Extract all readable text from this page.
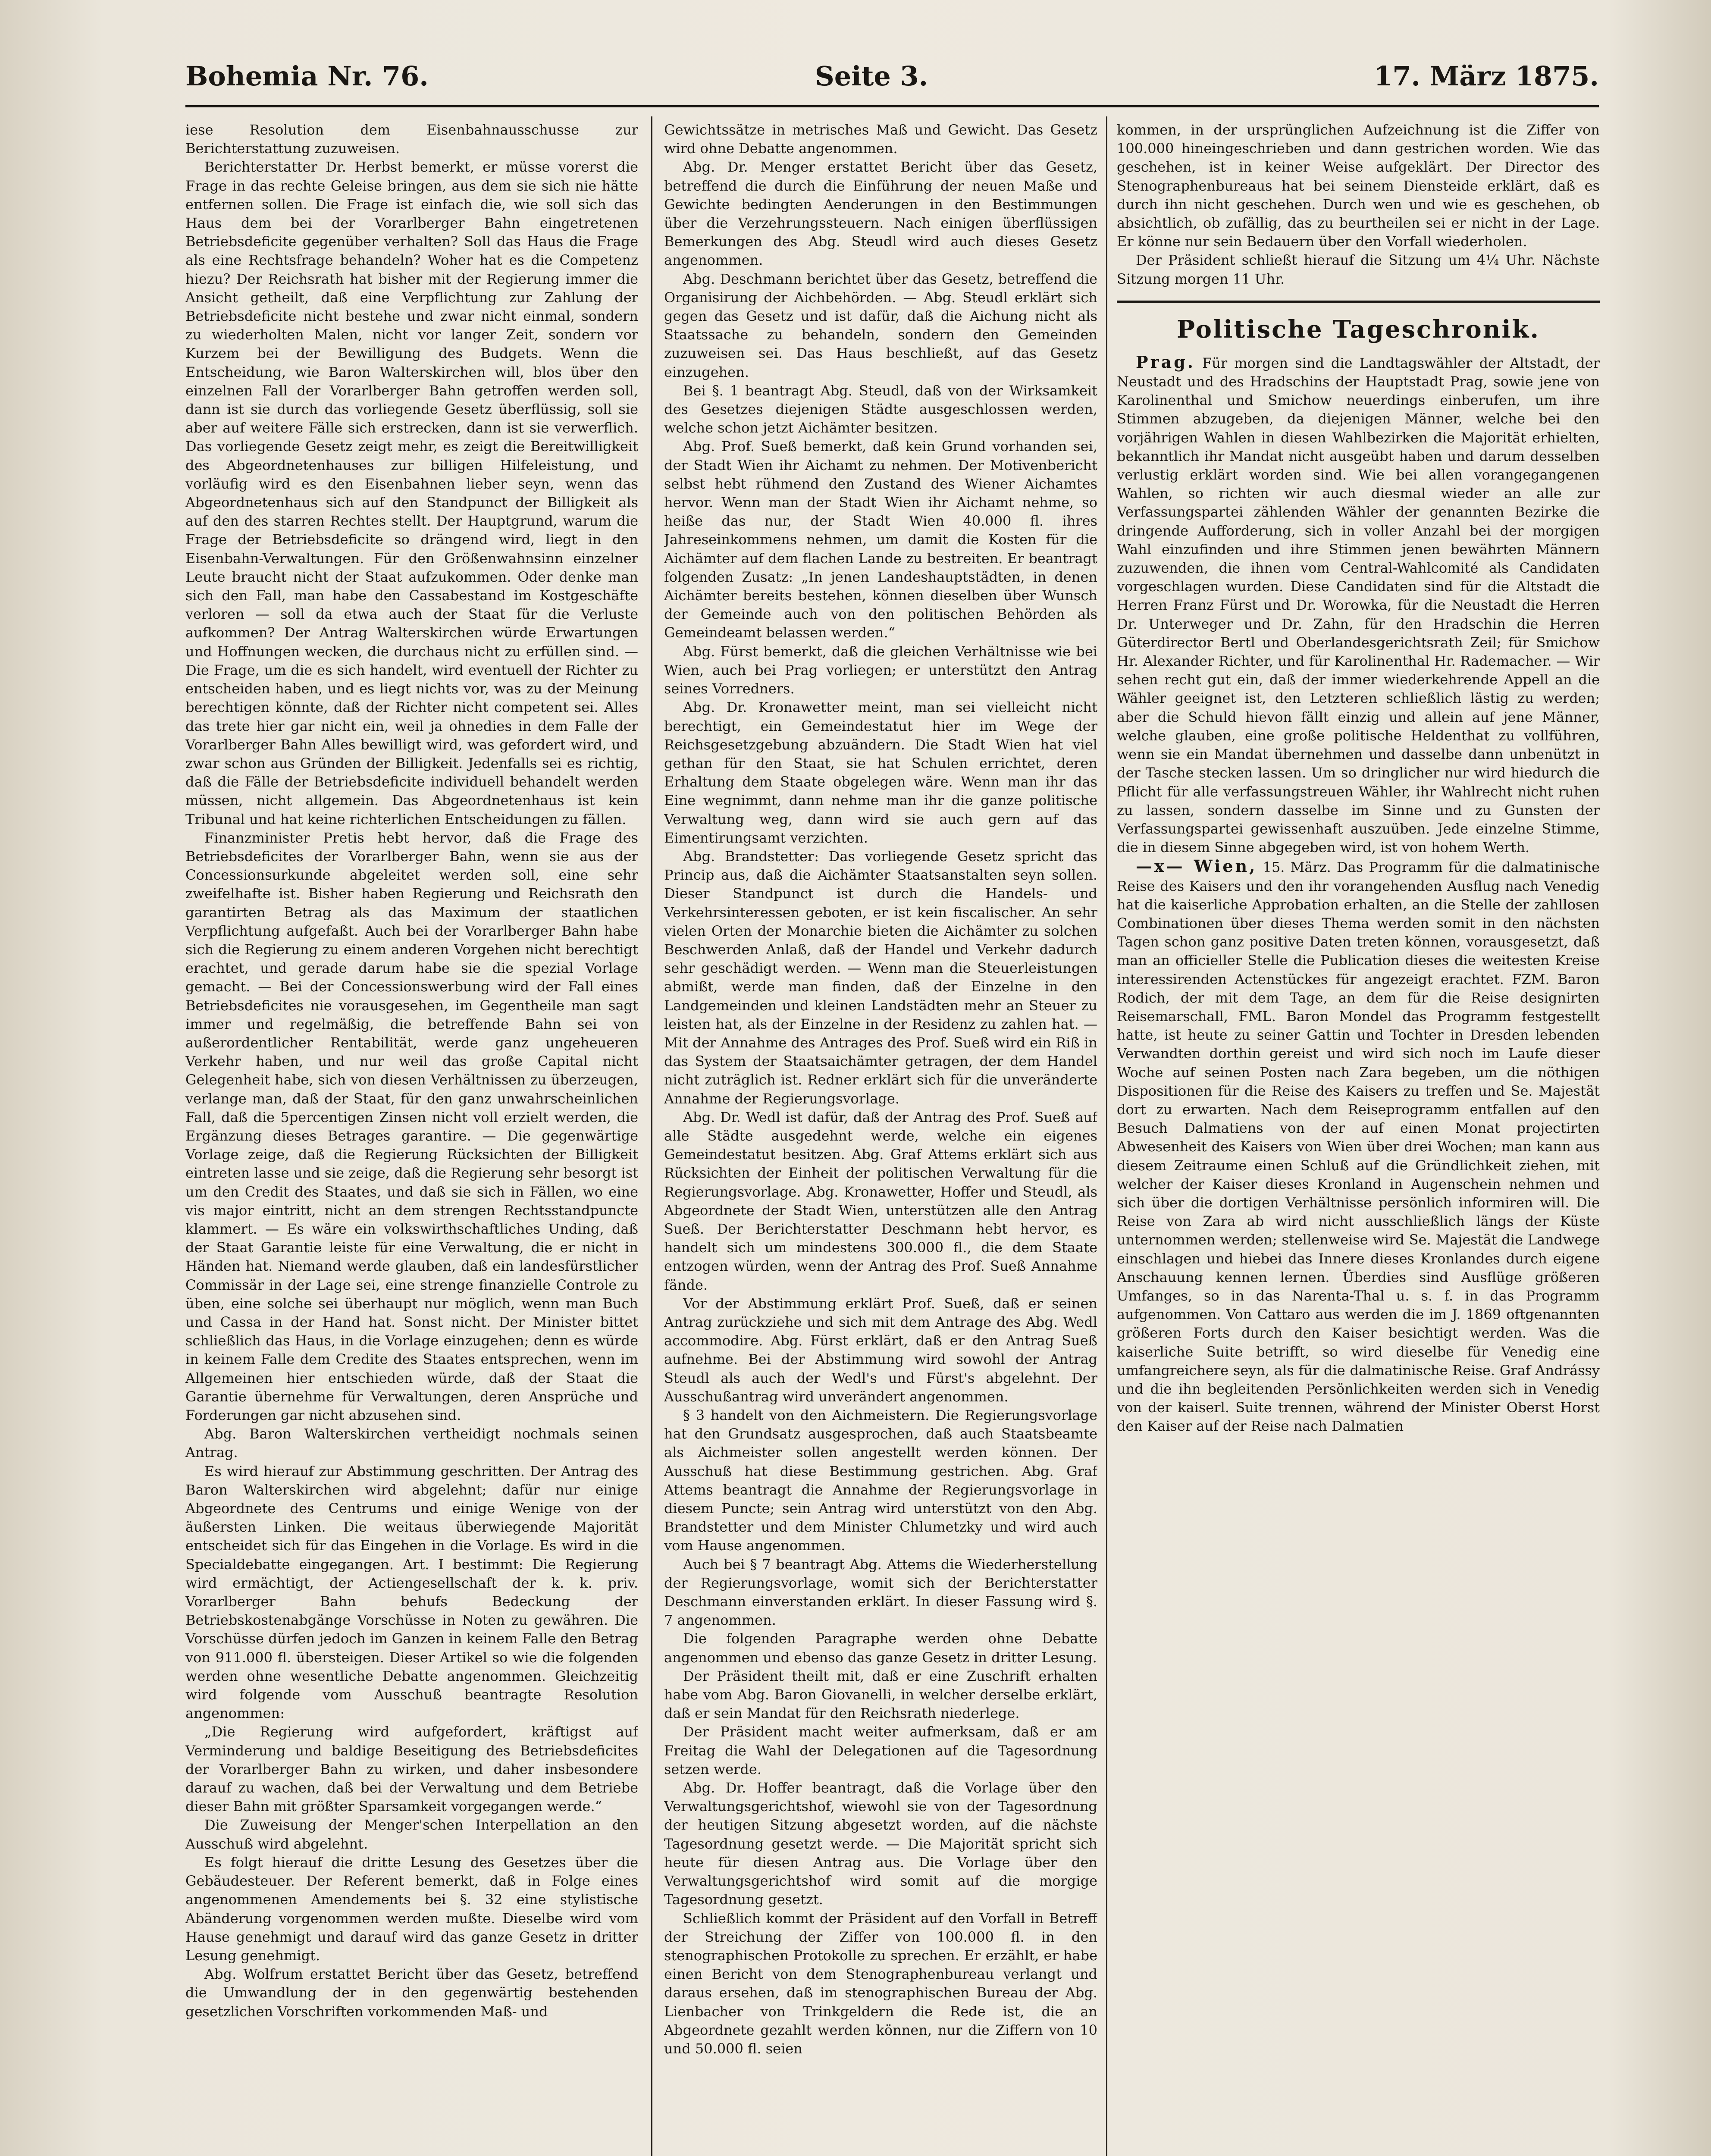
Bohemia Nr. 76.	Seite 3.	17. März 1875.

iese Resolution dem Eisenbahnausschusse zur Berichterstattung zuzuweisen.

Berichterstatter Dr. Herbst bemerkt, er müsse vorerst die Frage in das rechte Geleise bringen, aus dem sie sich nie hätte entfernen sollen. Die Frage ist einfach die, wie soll sich das Haus dem bei der Vorarlberger Bahn eingetretenen Betriebsdeficite gegenüber verhalten? Soll das Haus die Frage als eine Rechtsfrage behandeln? Woher hat es die Competenz hiezu? Der Reichsrath hat bisher mit der Regierung immer die Ansicht getheilt, daß eine Verpflichtung zur Zahlung der Betriebsdeficite nicht bestehe und zwar nicht einmal, sondern zu wiederholten Malen, nicht vor langer Zeit, sondern vor Kurzem bei der Bewilligung des Budgets. Wenn die Entscheidung, wie Baron Walterskirchen will, blos über den einzelnen Fall der Vorarlberger Bahn getroffen werden soll, dann ist sie durch das vorliegende Gesetz überflüssig, soll sie aber auf weitere Fälle sich erstrecken, dann ist sie verwerflich. Das vorliegende Gesetz zeigt mehr, es zeigt die Bereitwilligkeit des Abgeordnetenhauses zur billigen Hilfeleistung, und vorläufig wird es den Eisenbahnen lieber seyn, wenn das Abgeordnetenhaus sich auf den Standpunct der Billigkeit als auf den des starren Rechtes stellt. Der Hauptgrund, warum die Frage der Betriebsdeficite so drängend wird, liegt in den Eisenbahn-Verwaltungen. Für den Größenwahnsinn einzelner Leute braucht nicht der Staat aufzukommen. Oder denke man sich den Fall, man habe den Cassabestand im Kostgeschäfte verloren — soll da etwa auch der Staat für die Verluste aufkommen? Der Antrag Walterskirchen würde Erwartungen und Hoffnungen wecken, die durchaus nicht zu erfüllen sind. — Die Frage, um die es sich handelt, wird eventuell der Richter zu entscheiden haben, und es liegt nichts vor, was zu der Meinung berechtigen könnte, daß der Richter nicht competent sei. Alles das trete hier gar nicht ein, weil ja ohnedies in dem Falle der Vorarlberger Bahn Alles bewilligt wird, was gefordert wird, und zwar schon aus Gründen der Billigkeit. Jedenfalls sei es richtig, daß die Fälle der Betriebsdeficite individuell behandelt werden müssen, nicht allgemein. Das Abgeordnetenhaus ist kein Tribunal und hat keine richterlichen Entscheidungen zu fällen.

Finanzminister Pretis hebt hervor, daß die Frage des Betriebsdeficites der Vorarlberger Bahn, wenn sie aus der Concessionsurkunde abgeleitet werden soll, eine sehr zweifelhafte ist. Bisher haben Regierung und Reichsrath den garantirten Betrag als das Maximum der staatlichen Verpflichtung aufgefaßt. Auch bei der Vorarlberger Bahn habe sich die Regierung zu einem anderen Vorgehen nicht berechtigt erachtet, und gerade darum habe sie die spezial Vorlage gemacht. — Bei der Concessionswerbung wird der Fall eines Betriebsdeficites nie vorausgesehen, im Gegentheile man sagt immer und regelmäßig, die betreffende Bahn sei von außerordentlicher Rentabilität, werde ganz ungeheueren Verkehr haben, und nur weil das große Capital nicht Gelegenheit habe, sich von diesen Verhältnissen zu überzeugen, verlange man, daß der Staat, für den ganz unwahrscheinlichen Fall, daß die 5percentigen Zinsen nicht voll erzielt werden, die Ergänzung dieses Betrages garantire. — Die gegenwärtige Vorlage zeige, daß die Regierung Rücksichten der Billigkeit eintreten lasse und sie zeige, daß die Regierung sehr besorgt ist um den Credit des Staates, und daß sie sich in Fällen, wo eine vis major eintritt, nicht an dem strengen Rechtsstandpuncte klammert. — Es wäre ein volkswirthschaftliches Unding, daß der Staat Garantie leiste für eine Verwaltung, die er nicht in Händen hat. Niemand werde glauben, daß ein landesfürstlicher Commissär in der Lage sei, eine strenge finanzielle Controle zu üben, eine solche sei überhaupt nur möglich, wenn man Buch und Cassa in der Hand hat. Sonst nicht. Der Minister bittet schließlich das Haus, in die Vorlage einzugehen; denn es würde in keinem Falle dem Credite des Staates entsprechen, wenn im Allgemeinen hier entschieden würde, daß der Staat die Garantie übernehme für Verwaltungen, deren Ansprüche und Forderungen gar nicht abzusehen sind.

Abg. Baron Walterskirchen vertheidigt nochmals seinen Antrag.

Es wird hierauf zur Abstimmung geschritten. Der Antrag des Baron Walterskirchen wird abgelehnt; dafür nur einige Abgeordnete des Centrums und einige Wenige von der äußersten Linken. Die weitaus überwiegende Majorität entscheidet sich für das Eingehen in die Vorlage. Es wird in die Specialdebatte eingegangen. Art. I bestimmt: Die Regierung wird ermächtigt, der Actiengesellschaft der k. k. priv. Vorarlberger Bahn behufs Bedeckung der Betriebskostenabgänge Vorschüsse in Noten zu gewähren. Die Vorschüsse dürfen jedoch im Ganzen in keinem Falle den Betrag von 911.000 fl. übersteigen. Dieser Artikel so wie die folgenden werden ohne wesentliche Debatte angenommen. Gleichzeitig wird folgende vom Ausschuß beantragte Resolution angenommen:

„Die Regierung wird aufgefordert, kräftigst auf Verminderung und baldige Beseitigung des Betriebsdeficites der Vorarlberger Bahn zu wirken, und daher insbesondere darauf zu wachen, daß bei der Verwaltung und dem Betriebe dieser Bahn mit größter Sparsamkeit vorgegangen werde.“

Die Zuweisung der Menger'schen Interpellation an den Ausschuß wird abgelehnt.

Es folgt hierauf die dritte Lesung des Gesetzes über die Gebäudesteuer. Der Referent bemerkt, daß in Folge eines angenommenen Amendements bei §. 32 eine stylistische Abänderung vorgenommen werden mußte. Dieselbe wird vom Hause genehmigt und darauf wird das ganze Gesetz in dritter Lesung genehmigt.

Abg. Wolfrum erstattet Bericht über das Gesetz, betreffend die Umwandlung der in den gegenwärtig bestehenden gesetzlichen Vorschriften vorkommenden Maß- und

Gewichtssätze in metrisches Maß und Gewicht. Das Gesetz wird ohne Debatte angenommen.

Abg. Dr. Menger erstattet Bericht über das Gesetz, betreffend die durch die Einführung der neuen Maße und Gewichte bedingten Aenderungen in den Bestimmungen über die Verzehrungssteuern. Nach einigen überflüssigen Bemerkungen des Abg. Steudl wird auch dieses Gesetz angenommen.

Abg. Deschmann berichtet über das Gesetz, betreffend die Organisirung der Aichbehörden. — Abg. Steudl erklärt sich gegen das Gesetz und ist dafür, daß die Aichung nicht als Staatssache zu behandeln, sondern den Gemeinden zuzuweisen sei. Das Haus beschließt, auf das Gesetz einzugehen.

Bei §. 1 beantragt Abg. Steudl, daß von der Wirksamkeit des Gesetzes diejenigen Städte ausgeschlossen werden, welche schon jetzt Aichämter besitzen.

Abg. Prof. Sueß bemerkt, daß kein Grund vorhanden sei, der Stadt Wien ihr Aichamt zu nehmen. Der Motivenbericht selbst hebt rühmend den Zustand des Wiener Aichamtes hervor. Wenn man der Stadt Wien ihr Aichamt nehme, so heiße das nur, der Stadt Wien 40.000 fl. ihres Jahreseinkommens nehmen, um damit die Kosten für die Aichämter auf dem flachen Lande zu bestreiten. Er beantragt folgenden Zusatz: „In jenen Landeshauptstädten, in denen Aichämter bereits bestehen, können dieselben über Wunsch der Gemeinde auch von den politischen Behörden als Gemeindeamt belassen werden.“

Abg. Fürst bemerkt, daß die gleichen Verhältnisse wie bei Wien, auch bei Prag vorliegen; er unterstützt den Antrag seines Vorredners.

Abg. Dr. Kronawetter meint, man sei vielleicht nicht berechtigt, ein Gemeindestatut hier im Wege der Reichsgesetzgebung abzuändern. Die Stadt Wien hat viel gethan für den Staat, sie hat Schulen errichtet, deren Erhaltung dem Staate obgelegen wäre. Wenn man ihr das Eine wegnimmt, dann nehme man ihr die ganze politische Verwaltung weg, dann wird sie auch gern auf das Eimentirungsamt verzichten.

Abg. Brandstetter: Das vorliegende Gesetz spricht das Princip aus, daß die Aichämter Staatsanstalten seyn sollen. Dieser Standpunct ist durch die Handels- und Verkehrsinteressen geboten, er ist kein fiscalischer. An sehr vielen Orten der Monarchie bieten die Aichämter zu solchen Beschwerden Anlaß, daß der Handel und Verkehr dadurch sehr geschädigt werden. — Wenn man die Steuerleistungen abmißt, werde man finden, daß der Einzelne in den Landgemeinden und kleinen Landstädten mehr an Steuer zu leisten hat, als der Einzelne in der Residenz zu zahlen hat. — Mit der Annahme des Antrages des Prof. Sueß wird ein Riß in das System der Staatsaichämter getragen, der dem Handel nicht zuträglich ist. Redner erklärt sich für die unveränderte Annahme der Regierungsvorlage.

Abg. Dr. Wedl ist dafür, daß der Antrag des Prof. Sueß auf alle Städte ausgedehnt werde, welche ein eigenes Gemeindestatut besitzen. Abg. Graf Attems erklärt sich aus Rücksichten der Einheit der politischen Verwaltung für die Regierungsvorlage. Abg. Kronawetter, Hoffer und Steudl, als Abgeordnete der Stadt Wien, unterstützen alle den Antrag Sueß. Der Berichterstatter Deschmann hebt hervor, es handelt sich um mindestens 300.000 fl., die dem Staate entzogen würden, wenn der Antrag des Prof. Sueß Annahme fände.

Vor der Abstimmung erklärt Prof. Sueß, daß er seinen Antrag zurückziehe und sich mit dem Antrage des Abg. Wedl accommodire. Abg. Fürst erklärt, daß er den Antrag Sueß aufnehme. Bei der Abstimmung wird sowohl der Antrag Steudl als auch der Wedl's und Fürst's abgelehnt. Der Ausschußantrag wird unverändert angenommen.

§ 3 handelt von den Aichmeistern. Die Regierungsvorlage hat den Grundsatz ausgesprochen, daß auch Staatsbeamte als Aichmeister sollen angestellt werden können. Der Ausschuß hat diese Bestimmung gestrichen. Abg. Graf Attems beantragt die Annahme der Regierungsvorlage in diesem Puncte; sein Antrag wird unterstützt von den Abg. Brandstetter und dem Minister Chlumetzky und wird auch vom Hause angenommen.

Auch bei § 7 beantragt Abg. Attems die Wiederherstellung der Regierungsvorlage, womit sich der Berichterstatter Deschmann einverstanden erklärt. In dieser Fassung wird §. 7 angenommen.

Die folgenden Paragraphe werden ohne Debatte angenommen und ebenso das ganze Gesetz in dritter Lesung.

Der Präsident theilt mit, daß er eine Zuschrift erhalten habe vom Abg. Baron Giovanelli, in welcher derselbe erklärt, daß er sein Mandat für den Reichsrath niederlege.

Der Präsident macht weiter aufmerksam, daß er am Freitag die Wahl der Delegationen auf die Tagesordnung setzen werde.

Abg. Dr. Hoffer beantragt, daß die Vorlage über den Verwaltungsgerichtshof, wiewohl sie von der Tagesordnung der heutigen Sitzung abgesetzt worden, auf die nächste Tagesordnung gesetzt werde. — Die Majorität spricht sich heute für diesen Antrag aus. Die Vorlage über den Verwaltungsgerichtshof wird somit auf die morgige Tagesordnung gesetzt.

Schließlich kommt der Präsident auf den Vorfall in Betreff der Streichung der Ziffer von 100.000 fl. in den stenographischen Protokolle zu sprechen. Er erzählt, er habe einen Bericht von dem Stenographenbureau verlangt und daraus ersehen, daß im stenographischen Bureau der Abg. Lienbacher von Trinkgeldern die Rede ist, die an Abgeordnete gezahlt werden können, nur die Ziffern von 10 und 50.000 fl. seien

kommen, in der ursprünglichen Aufzeichnung ist die Ziffer von 100.000 hineingeschrieben und dann gestrichen worden. Wie das geschehen, ist in keiner Weise aufgeklärt. Der Director des Stenographenbureaus hat bei seinem Diensteide erklärt, daß es durch ihn nicht geschehen. Durch wen und wie es geschehen, ob absichtlich, ob zufällig, das zu beurtheilen sei er nicht in der Lage. Er könne nur sein Bedauern über den Vorfall wiederholen.

Der Präsident schließt hierauf die Sitzung um 4¼ Uhr. Nächste Sitzung morgen 11 Uhr.

Politische Tageschronik.

Prag. Für morgen sind die Landtagswähler der Altstadt, der Neustadt und des Hradschins der Hauptstadt Prag, sowie jene von Karolinenthal und Smichow neuerdings einberufen, um ihre Stimmen abzugeben, da diejenigen Männer, welche bei den vorjährigen Wahlen in diesen Wahlbezirken die Majorität erhielten, bekanntlich ihr Mandat nicht ausgeübt haben und darum desselben verlustig erklärt worden sind. Wie bei allen vorangegangenen Wahlen, so richten wir auch diesmal wieder an alle zur Verfassungspartei zählenden Wähler der genannten Bezirke die dringende Aufforderung, sich in voller Anzahl bei der morgigen Wahl einzufinden und ihre Stimmen jenen bewährten Männern zuzuwenden, die ihnen vom Central-Wahlcomité als Candidaten vorgeschlagen wurden. Diese Candidaten sind für die Altstadt die Herren Franz Fürst und Dr. Worowka, für die Neustadt die Herren Dr. Unterweger und Dr. Zahn, für den Hradschin die Herren Güterdirector Bertl und Oberlandesgerichtsrath Zeil; für Smichow Hr. Alexander Richter, und für Karolinenthal Hr. Rademacher. — Wir sehen recht gut ein, daß der immer wiederkehrende Appell an die Wähler geeignet ist, den Letzteren schließlich lästig zu werden; aber die Schuld hievon fällt einzig und allein auf jene Männer, welche glauben, eine große politische Heldenthat zu vollführen, wenn sie ein Mandat übernehmen und dasselbe dann unbenützt in der Tasche stecken lassen. Um so dringlicher nur wird hiedurch die Pflicht für alle verfassungstreuen Wähler, ihr Wahlrecht nicht ruhen zu lassen, sondern dasselbe im Sinne und zu Gunsten der Verfassungspartei gewissenhaft auszuüben. Jede einzelne Stimme, die in diesem Sinne abgegeben wird, ist von hohem Werth.

—x— Wien, 15. März. Das Programm für die dalmatinische Reise des Kaisers und den ihr vorangehenden Ausflug nach Venedig hat die kaiserliche Approbation erhalten, an die Stelle der zahllosen Combinationen über dieses Thema werden somit in den nächsten Tagen schon ganz positive Daten treten können, vorausgesetzt, daß man an officieller Stelle die Publication dieses die weitesten Kreise interessirenden Actenstückes für angezeigt erachtet. FZM. Baron Rodich, der mit dem Tage, an dem für die Reise designirten Reisemarschall, FML. Baron Mondel das Programm festgestellt hatte, ist heute zu seiner Gattin und Tochter in Dresden lebenden Verwandten dorthin gereist und wird sich noch im Laufe dieser Woche auf seinen Posten nach Zara begeben, um die nöthigen Dispositionen für die Reise des Kaisers zu treffen und Se. Majestät dort zu erwarten. Nach dem Reiseprogramm entfallen auf den Besuch Dalmatiens von der auf einen Monat projectirten Abwesenheit des Kaisers von Wien über drei Wochen; man kann aus diesem Zeitraume einen Schluß auf die Gründlichkeit ziehen, mit welcher der Kaiser dieses Kronland in Augenschein nehmen und sich über die dortigen Verhältnisse persönlich informiren will. Die Reise von Zara ab wird nicht ausschließlich längs der Küste unternommen werden; stellenweise wird Se. Majestät die Landwege einschlagen und hiebei das Innere dieses Kronlandes durch eigene Anschauung kennen lernen. Überdies sind Ausflüge größeren Umfanges, so in das Narenta-Thal u. s. f. in das Programm aufgenommen. Von Cattaro aus werden die im J. 1869 oftgenannten größeren Forts durch den Kaiser besichtigt werden. Was die kaiserliche Suite betrifft, so wird dieselbe für Venedig eine umfangreichere seyn, als für die dalmatinische Reise. Graf Andrássy und die ihn begleitenden Persönlichkeiten werden sich in Venedig von der kaiserl. Suite trennen, während der Minister Oberst Horst den Kaiser auf der Reise nach Dalmatien
